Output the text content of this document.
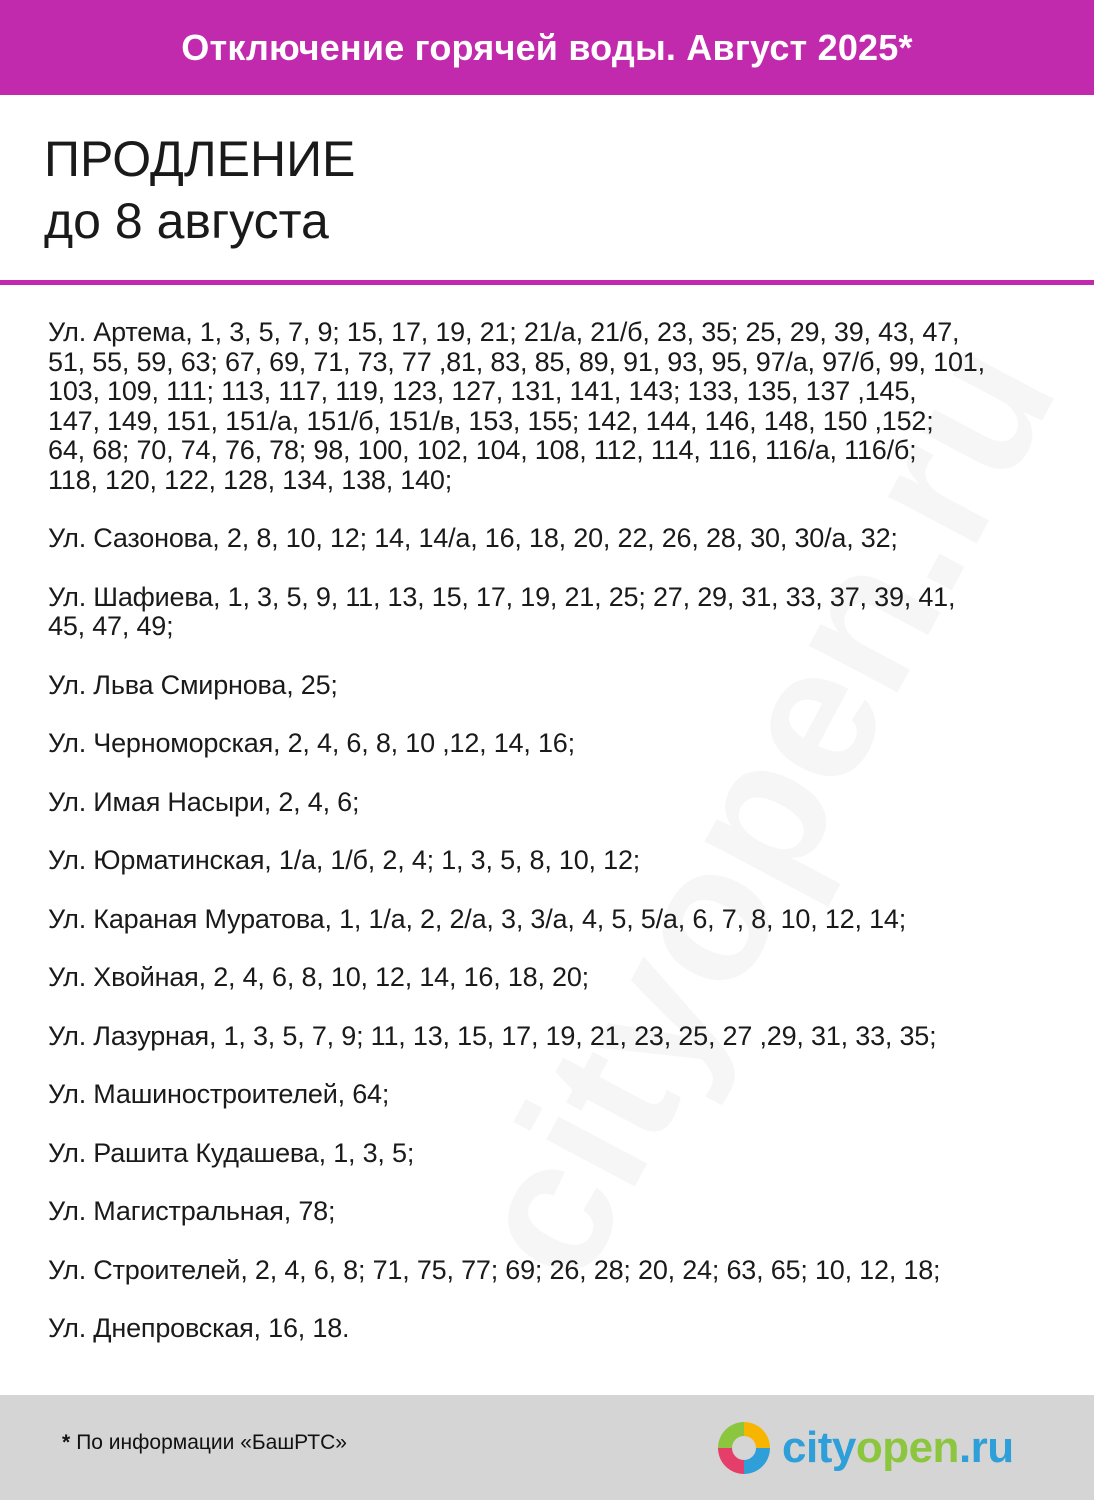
Отключение горячей воды. Август 2025*
ПРОДЛЕНИЕ
до 8 августа
Ул. Артема, 1, 3, 5, 7, 9; 15, 17, 19, 21; 21/а, 21/б, 23, 35; 25, 29, 39, 43, 47,
51, 55, 59, 63; 67, 69, 71, 73, 77 ,81, 83, 85, 89, 91, 93, 95, 97/а, 97/б, 99, 101,
103, 109, 111; 113, 117, 119, 123, 127, 131, 141, 143; 133, 135, 137 ,145,
147, 149, 151, 151/а, 151/б, 151/в, 153, 155; 142, 144, 146, 148, 150 ,152;
64, 68; 70, 74, 76, 78; 98, 100, 102, 104, 108, 112, 114, 116, 116/а, 116/б;
118, 120, 122, 128, 134, 138, 140;
Ул. Сазонова, 2, 8, 10, 12; 14, 14/а, 16, 18, 20, 22, 26, 28, 30, 30/а, 32;
Ул. Шафиева, 1, 3, 5, 9, 11, 13, 15, 17, 19, 21, 25; 27, 29, 31, 33, 37, 39, 41,
45, 47, 49;
Ул. Льва Смирнова, 25;
Ул. Черноморская, 2, 4, 6, 8, 10 ,12, 14, 16;
Ул. Имая Насыри, 2, 4, 6;
Ул. Юрматинская, 1/а, 1/б, 2, 4; 1, 3, 5, 8, 10, 12;
Ул. Караная Муратова, 1, 1/а, 2, 2/а, 3, 3/а, 4, 5, 5/а, 6, 7, 8, 10, 12, 14;
Ул. Хвойная, 2, 4, 6, 8, 10, 12, 14, 16, 18, 20;
Ул. Лазурная, 1, 3, 5, 7, 9; 11, 13, 15, 17, 19, 21, 23, 25, 27 ,29, 31, 33, 35;
Ул. Машиностроителей, 64;
Ул. Рашита Кудашева, 1, 3, 5;
Ул. Магистральная, 78;
Ул. Строителей, 2, 4, 6, 8; 71, 75, 77; 69; 26, 28; 20, 24; 63, 65; 10, 12, 18;
Ул. Днепровская, 16, 18.
* По информации «БашРТС»	cityopen.ru
